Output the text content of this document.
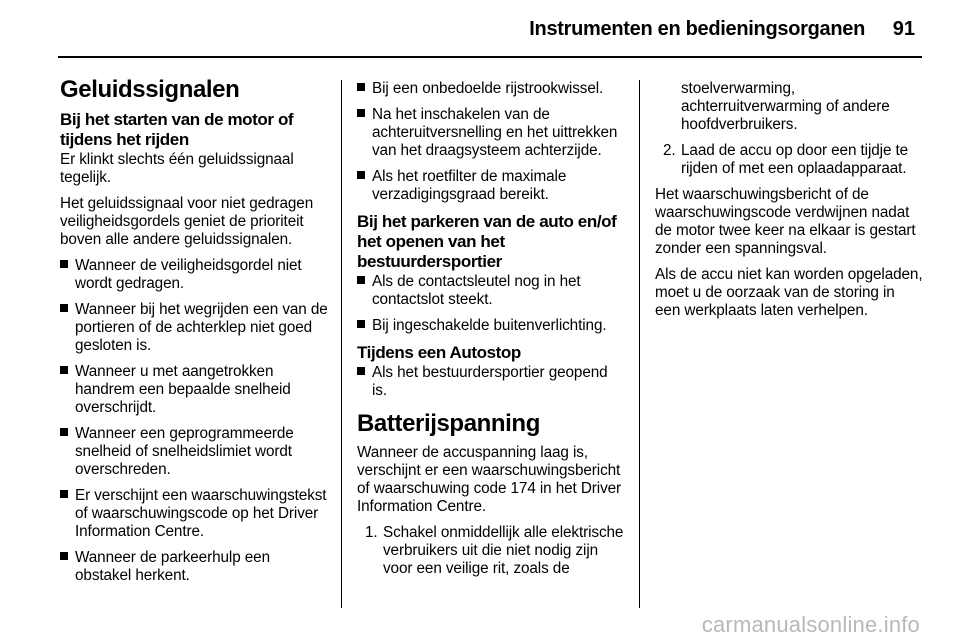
Instrumenten en bedieningsorganen 91
Geluidssignalen
Bij het starten van de motor of tijdens het rijden

Er klinkt slechts één geluidssignaal tegelijk.

Het geluidssignaal voor niet gedragen veiligheidsgordels geniet de prioriteit boven alle andere geluidssignalen.

Wanneer de veiligheidsgordel niet wordt gedragen.
Wanneer bij het wegrijden een van de portieren of de achterklep niet goed gesloten is.
Wanneer u met aangetrokken handrem een bepaalde snelheid overschrijdt.
Wanneer een geprogrammeerde snelheid of snelheidslimiet wordt overschreden.
Er verschijnt een waarschuwingstekst of waarschuwingscode op het Driver Information Centre.
Wanneer de parkeerhulp een obstakel herkent.
Bij een onbedoelde rijstrookwissel.
Na het inschakelen van de achteruitversnelling en het uittrekken van het draagsysteem achterzijde.
Als het roetfilter de maximale verzadigingsgraad bereikt.
Bij het parkeren van de auto en/of het openen van het bestuurdersportier
Als de contactsleutel nog in het contactslot steekt.
Bij ingeschakelde buitenverlichting.
Tijdens een Autostop
Als het bestuurdersportier geopend is.
Batterijspanning

Wanneer de accuspanning laag is, verschijnt er een waarschuwingsbericht of waarschuwing code 174 in het Driver Information Centre.

1. Schakel onmiddellijk alle elektrische verbruikers uit die niet nodig zijn voor een veilige rit, zoals de
stoelverwarming, achterruitverwarming of andere hoofdverbruikers.
2. Laad de accu op door een tijdje te rijden of met een oplaadapparaat.

Het waarschuwingsbericht of de waarschuwingscode verdwijnen nadat de motor twee keer na elkaar is gestart zonder een spanningsval.

Als de accu niet kan worden opgeladen, moet u de oorzaak van de storing in een werkplaats laten verhelpen.

carmanualsonline.info
